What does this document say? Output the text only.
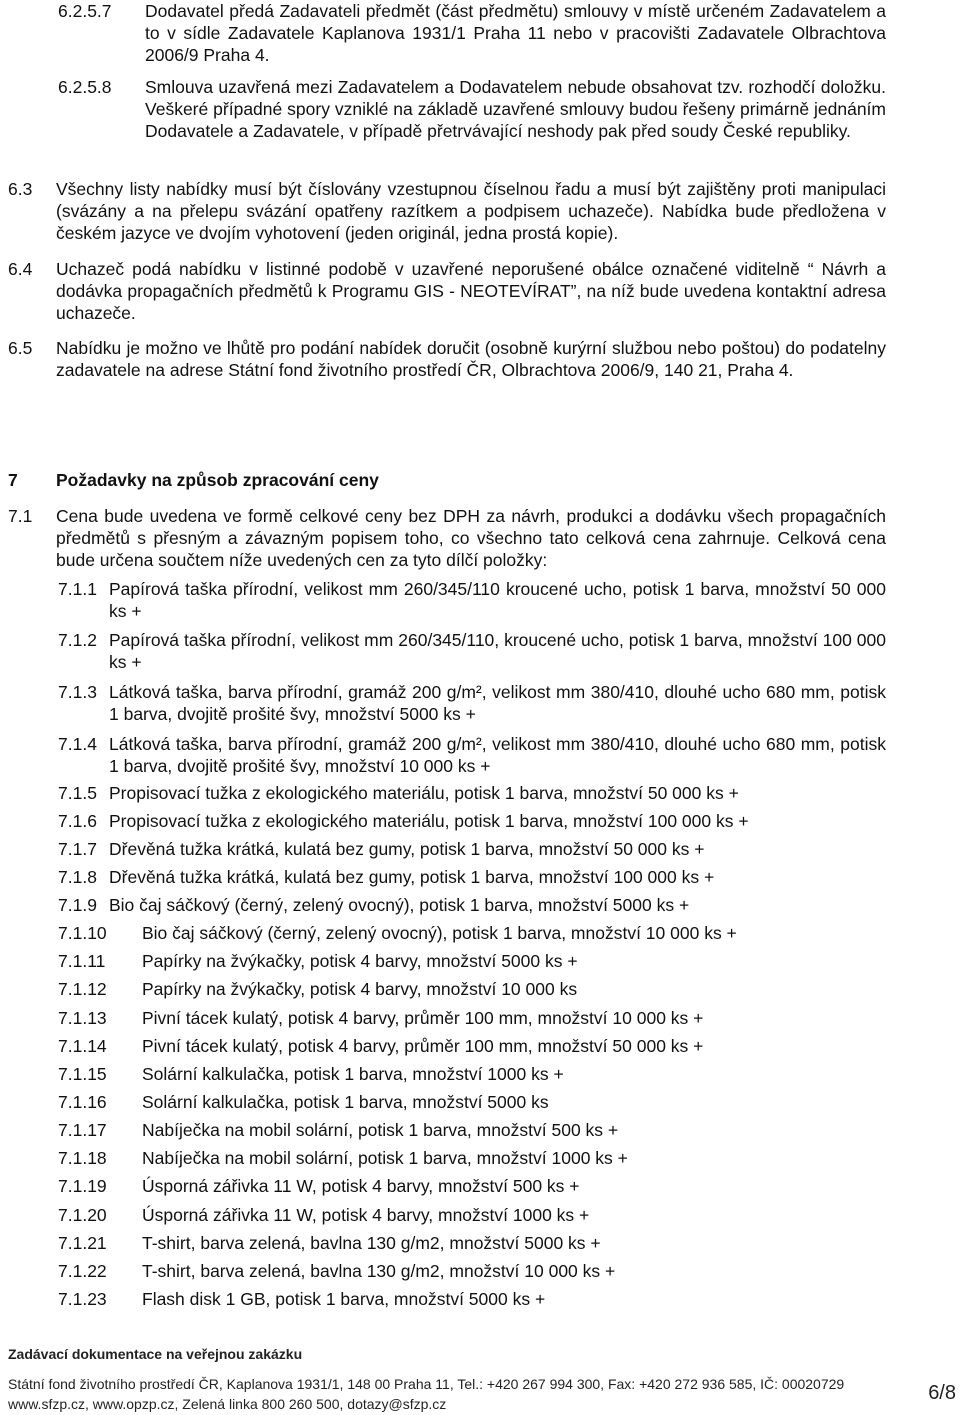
6.2.5.7 Dodavatel předá Zadavateli předmět (část předmětu) smlouvy v místě určeném Zadavatelem a to v sídle Zadavatele Kaplanova 1931/1 Praha 11 nebo v pracovišti Zadavatele Olbrachtova 2006/9 Praha 4.
6.2.5.8 Smlouva uzavřená mezi Zadavatelem a Dodavatelem nebude obsahovat tzv. rozhodčí doložku. Veškeré případné spory vzniklé na základě uzavřené smlouvy budou řešeny primárně jednáním Dodavatele a Zadavatele, v případě přetrvávající neshody pak před soudy České republiky.
6.3 Všechny listy nabídky musí být číslovány vzestupnou číselnou řadu a musí být zajištěny proti manipulaci (svázány a na přelepu svázání opatřeny razítkem a podpisem uchazeče). Nabídka bude předložena v českém jazyce ve dvojím vyhotovení (jeden originál, jedna prostá kopie).
6.4 Uchazeč podá nabídku v listinné podobě v uzavřené neporušené obálce označené viditelně “ Návrh a dodávka propagačních předmětů k Programu GIS - NEOTEVÍRAT”, na níž bude uvedena kontaktní adresa uchazeče.
6.5 Nabídku je možno ve lhůtě pro podání nabídek doručit (osobně kurýrní službou nebo poštou) do podatelny zadavatele na adrese Státní fond životního prostředí ČR, Olbrachtova 2006/9, 140 21, Praha 4.
7 Požadavky na způsob zpracování ceny
7.1 Cena bude uvedena ve formě celkové ceny bez DPH za návrh, produkci a dodávku všech propagačních předmětů s přesným a závazným popisem toho, co všechno tato celková cena zahrnuje. Celková cena bude určena součtem níže uvedených cen za tyto dílčí položky:
7.1.1 Papírová taška přírodní, velikost mm 260/345/110 kroucené ucho, potisk 1 barva, množství 50 000 ks +
7.1.2 Papírová taška přírodní, velikost mm 260/345/110, kroucené ucho, potisk 1 barva, množství 100 000 ks +
7.1.3 Látková taška, barva přírodní, gramáž 200 g/m², velikost mm 380/410, dlouhé ucho 680 mm, potisk 1 barva, dvojitě prošité švy, množství 5000 ks +
7.1.4 Látková taška, barva přírodní, gramáž 200 g/m², velikost mm 380/410, dlouhé ucho 680 mm, potisk 1 barva, dvojitě prošité švy, množství 10 000 ks +
7.1.5 Propisovací tužka z ekologického materiálu, potisk 1 barva, množství 50 000 ks +
7.1.6 Propisovací tužka z ekologického materiálu, potisk 1 barva, množství 100 000 ks +
7.1.7 Dřevěná tužka krátká, kulatá bez gumy, potisk 1 barva, množství 50 000 ks +
7.1.8 Dřevěná tužka krátká, kulatá bez gumy, potisk 1 barva, množství 100 000 ks +
7.1.9 Bio čaj sáčkový (černý, zelený ovocný), potisk 1 barva, množství 5000 ks +
7.1.10 Bio čaj sáčkový (černý, zelený ovocný), potisk 1 barva, množství 10 000 ks +
7.1.11 Papírky na žvýkačky, potisk 4 barvy, množství 5000 ks +
7.1.12 Papírky na žvýkačky, potisk 4 barvy, množství 10 000 ks
7.1.13 Pivní tácek kulatý, potisk 4 barvy, průměr 100 mm, množství 10 000 ks +
7.1.14 Pivní tácek kulatý, potisk 4 barvy, průměr 100 mm, množství 50 000 ks +
7.1.15 Solární kalkulačka, potisk 1 barva, množství 1000 ks +
7.1.16 Solární kalkulačka, potisk 1 barva, množství 5000 ks
7.1.17 Nabíječka na mobil solární, potisk 1 barva, množství 500 ks +
7.1.18 Nabíječka na mobil solární, potisk 1 barva, množství 1000 ks +
7.1.19 Úsporná zářivka 11 W, potisk 4 barvy, množství 500 ks +
7.1.20 Úsporná zářivka 11 W, potisk 4 barvy, množství 1000 ks +
7.1.21 T-shirt, barva zelená, bavlna 130 g/m2, množství 5000 ks +
7.1.22 T-shirt, barva zelená, bavlna 130 g/m2, množství 10 000 ks +
7.1.23 Flash disk 1 GB, potisk 1 barva, množství 5000 ks +
Zadávací dokumentace na veřejnou zakázku
Státní fond životního prostředí ČR, Kaplanova 1931/1, 148 00 Praha 11, Tel.: +420 267 994 300, Fax: +420 272 936 585, IČ: 00020729
www.sfzp.cz, www.opzp.cz, Zelená linka 800 260 500, dotazy@sfzp.cz	6/8
